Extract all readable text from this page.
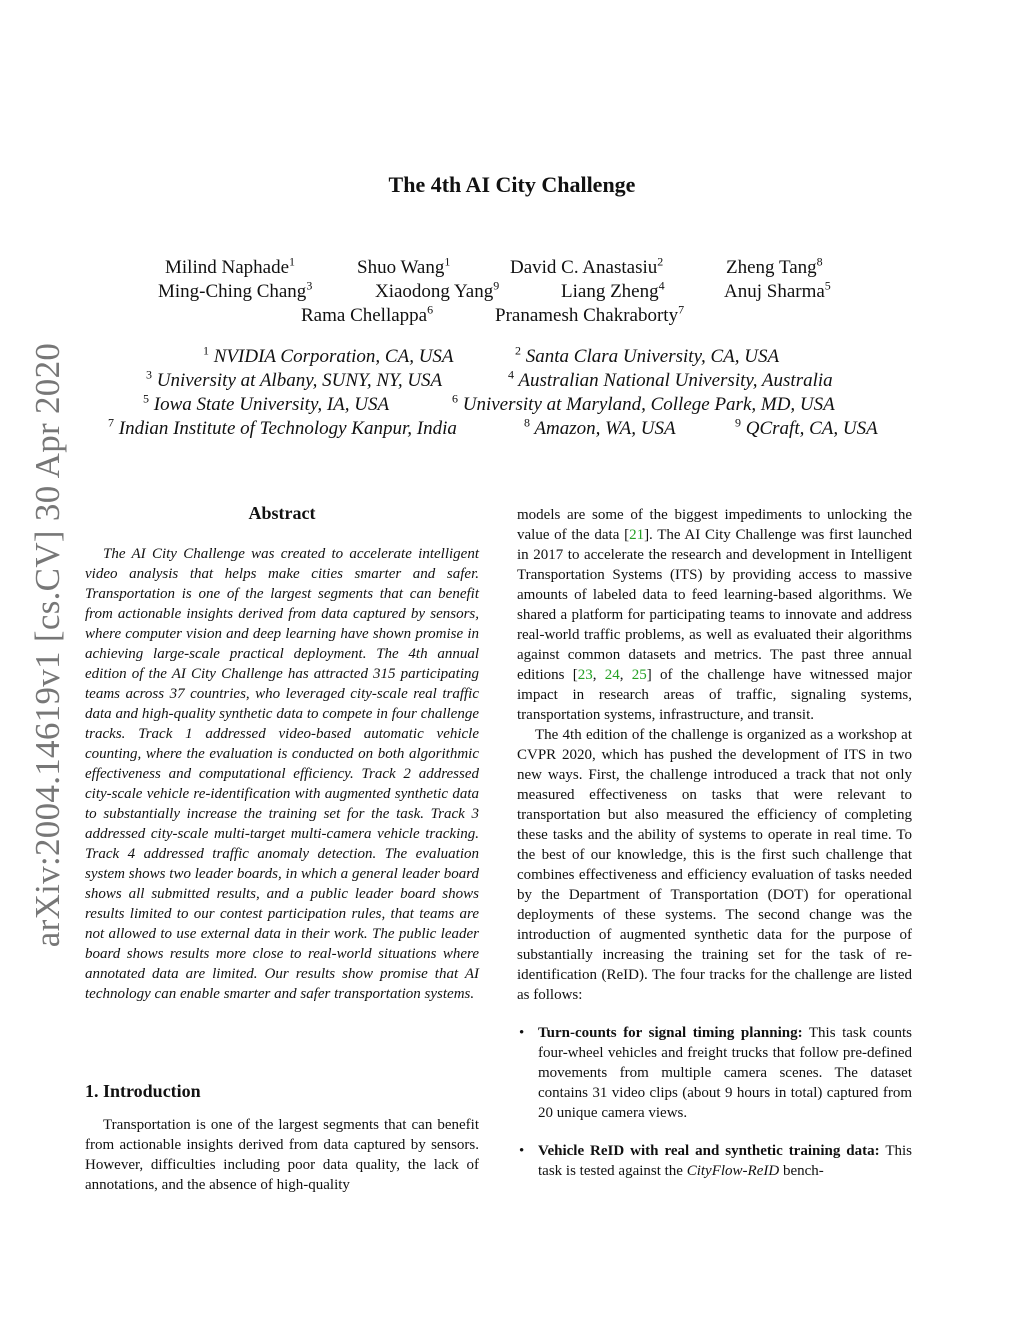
arXiv:2004.14619v1 [cs.CV] 30 Apr 2020
The 4th AI City Challenge
Milind Naphade$^1$	Shuo Wang$^1$	David C. Anastasiu$^2$	Zheng Tang$^8$
Ming-Ching Chang$^3$	Xiaodong Yang$^9$	Liang Zheng$^4$	Anuj Sharma$^5$
Rama Chellappa$^6$	Pranamesh Chakraborty$^7$
$^1$ NVIDIA Corporation, CA, USA	$^2$ Santa Clara University, CA, USA
$^3$ University at Albany, SUNY, NY, USA	$^4$ Australian National University, Australia
$^5$ Iowa State University, IA, USA	$^6$ University at Maryland, College Park, MD, USA
$^7$ Indian Institute of Technology Kanpur, India	$^8$ Amazon, WA, USA	$^9$ QCraft, CA, USA
Abstract

The AI City Challenge was created to accelerate intelligent video analysis that helps make cities smarter and safer. Transportation is one of the largest segments that can benefit from actionable insights derived from data captured by sensors, where computer vision and deep learning have shown promise in achieving large-scale practical deployment. The 4th annual edition of the AI City Challenge has attracted 315 participating teams across 37 countries, who leveraged city-scale real traffic data and high-quality synthetic data to compete in four challenge tracks. Track 1 addressed video-based automatic vehicle counting, where the evaluation is conducted on both algorithmic effectiveness and computational efficiency. Track 2 addressed city-scale vehicle re-identification with augmented synthetic data to substantially increase the training set for the task. Track 3 addressed city-scale multi-target multi-camera vehicle tracking. Track 4 addressed traffic anomaly detection. The evaluation system shows two leader boards, in which a general leader board shows all submitted results, and a public leader board shows results limited to our contest participation rules, that teams are not allowed to use external data in their work. The public leader board shows results more close to real-world situations where annotated data are limited. Our results show promise that AI technology can enable smarter and safer transportation systems.

1. Introduction

Transportation is one of the largest segments that can benefit from actionable insights derived from data captured by sensors. However, difficulties including poor data quality, the lack of annotations, and the absence of high-quality

models are some of the biggest impediments to unlocking the value of the data [21]. The AI City Challenge was first launched in 2017 to accelerate the research and development in Intelligent Transportation Systems (ITS) by providing access to massive amounts of labeled data to feed learning-based algorithms. We shared a platform for participating teams to innovate and address real-world traffic problems, as well as evaluated their algorithms against common datasets and metrics. The past three annual editions [23, 24, 25] of the challenge have witnessed major impact in research areas of traffic, signaling systems, transportation systems, infrastructure, and transit.

The 4th edition of the challenge is organized as a workshop at CVPR 2020, which has pushed the development of ITS in two new ways. First, the challenge introduced a track that not only measured effectiveness on tasks that were relevant to transportation but also measured the efficiency of completing these tasks and the ability of systems to operate in real time. To the best of our knowledge, this is the first such challenge that combines effectiveness and efficiency evaluation of tasks needed by the Department of Transportation (DOT) for operational deployments of these systems. The second change was the introduction of augmented synthetic data for the purpose of substantially increasing the training set for the task of re-identification (ReID). The four tracks for the challenge are listed as follows:

• Turn-counts for signal timing planning: This task counts four-wheel vehicles and freight trucks that follow pre-defined movements from multiple camera scenes. The dataset contains 31 video clips (about 9 hours in total) captured from 20 unique camera views.
• Vehicle ReID with real and synthetic training data: This task is tested against the CityFlow-ReID bench-
